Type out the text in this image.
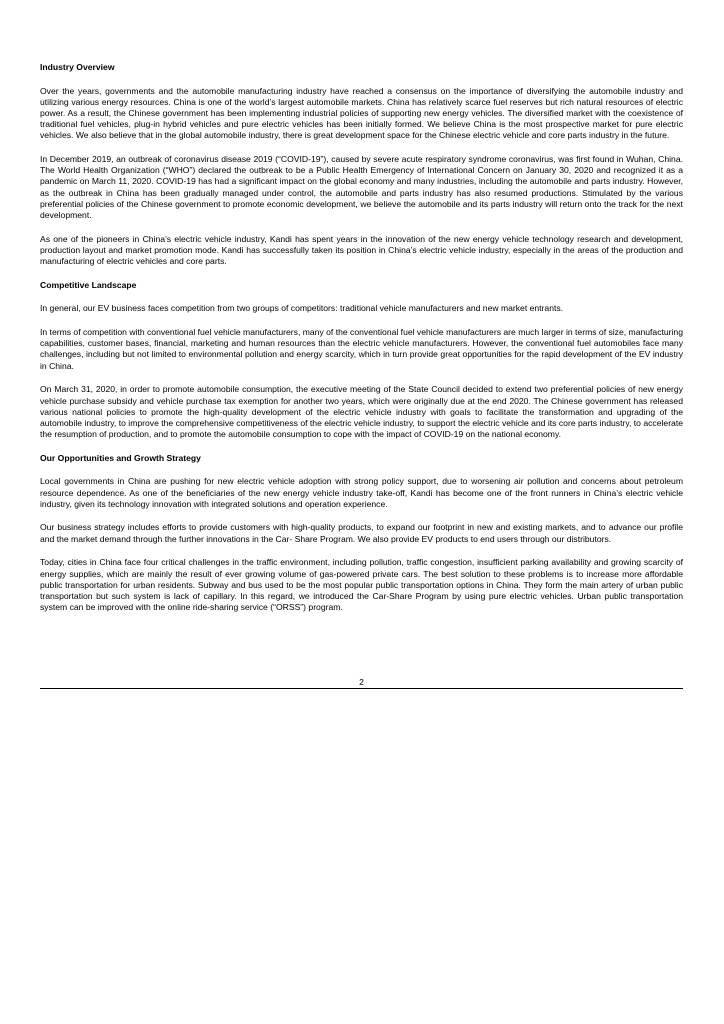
Industry Overview

Over the years, governments and the automobile manufacturing industry have reached a consensus on the importance of diversifying the automobile industry and utilizing various energy resources. China is one of the world’s largest automobile markets. China has relatively scarce fuel reserves but rich natural resources of electric power. As a result, the Chinese government has been implementing industrial policies of supporting new energy vehicles. The diversified market with the coexistence of traditional fuel vehicles, plug-in hybrid vehicles and pure electric vehicles has been initially formed. We believe China is the most prospective market for pure electric vehicles. We also believe that in the global automobile industry, there is great development space for the Chinese electric vehicle and core parts industry in the future.

In December 2019, an outbreak of coronavirus disease 2019 (“COVID-19”), caused by severe acute respiratory syndrome coronavirus, was first found in Wuhan, China. The World Health Organization (“WHO”) declared the outbreak to be a Public Health Emergency of International Concern on January 30, 2020 and recognized it as a pandemic on March 11, 2020. COVID-19 has had a significant impact on the global economy and many industries, including the automobile and parts industry. However, as the outbreak in China has been gradually managed under control, the automobile and parts industry has also resumed productions. Stimulated by the various preferential policies of the Chinese government to promote economic development, we believe the automobile and its parts industry will return onto the track for the next development.

As one of the pioneers in China’s electric vehicle industry, Kandi has spent years in the innovation of the new energy vehicle technology research and development, production layout and market promotion mode. Kandi has successfully taken its position in China’s electric vehicle industry, especially in the areas of the production and manufacturing of electric vehicles and core parts.

Competitive Landscape

In general, our EV business faces competition from two groups of competitors: traditional vehicle manufacturers and new market entrants.

In terms of competition with conventional fuel vehicle manufacturers, many of the conventional fuel vehicle manufacturers are much larger in terms of size, manufacturing capabilities, customer bases, financial, marketing and human resources than the electric vehicle manufacturers. However, the conventional fuel automobiles face many challenges, including but not limited to environmental pollution and energy scarcity, which in turn provide great opportunities for the rapid development of the EV industry in China.

On March 31, 2020, in order to promote automobile consumption, the executive meeting of the State Council decided to extend two preferential policies of new energy vehicle purchase subsidy and vehicle purchase tax exemption for another two years, which were originally due at the end 2020. The Chinese government has released various national policies to promote the high-quality development of the electric vehicle industry with goals to facilitate the transformation and upgrading of the automobile industry, to improve the comprehensive competitiveness of the electric vehicle industry, to support the electric vehicle and its core parts industry, to accelerate the resumption of production, and to promote the automobile consumption to cope with the impact of COVID-19 on the national economy.

Our Opportunities and Growth Strategy

Local governments in China are pushing for new electric vehicle adoption with strong policy support, due to worsening air pollution and concerns about petroleum resource dependence. As one of the beneficiaries of the new energy vehicle industry take-off, Kandi has become one of the front runners in China’s electric vehicle industry, given its technology innovation with integrated solutions and operation experience.

Our business strategy includes efforts to provide customers with high-quality products, to expand our footprint in new and existing markets, and to advance our profile and the market demand through the further innovations in the Car- Share Program. We also provide EV products to end users through our distributors.

Today, cities in China face four critical challenges in the traffic environment, including pollution, traffic congestion, insufficient parking availability and growing scarcity of energy supplies, which are mainly the result of ever growing volume of gas-powered private cars. The best solution to these problems is to increase more affordable public transportation for urban residents. Subway and bus used to be the most popular public transportation options in China. They form the main artery of urban public transportation but such system is lack of capillary. In this regard, we introduced the Car-Share Program by using pure electric vehicles. Urban public transportation system can be improved with the online ride-sharing service (“ORSS”) program.

2
